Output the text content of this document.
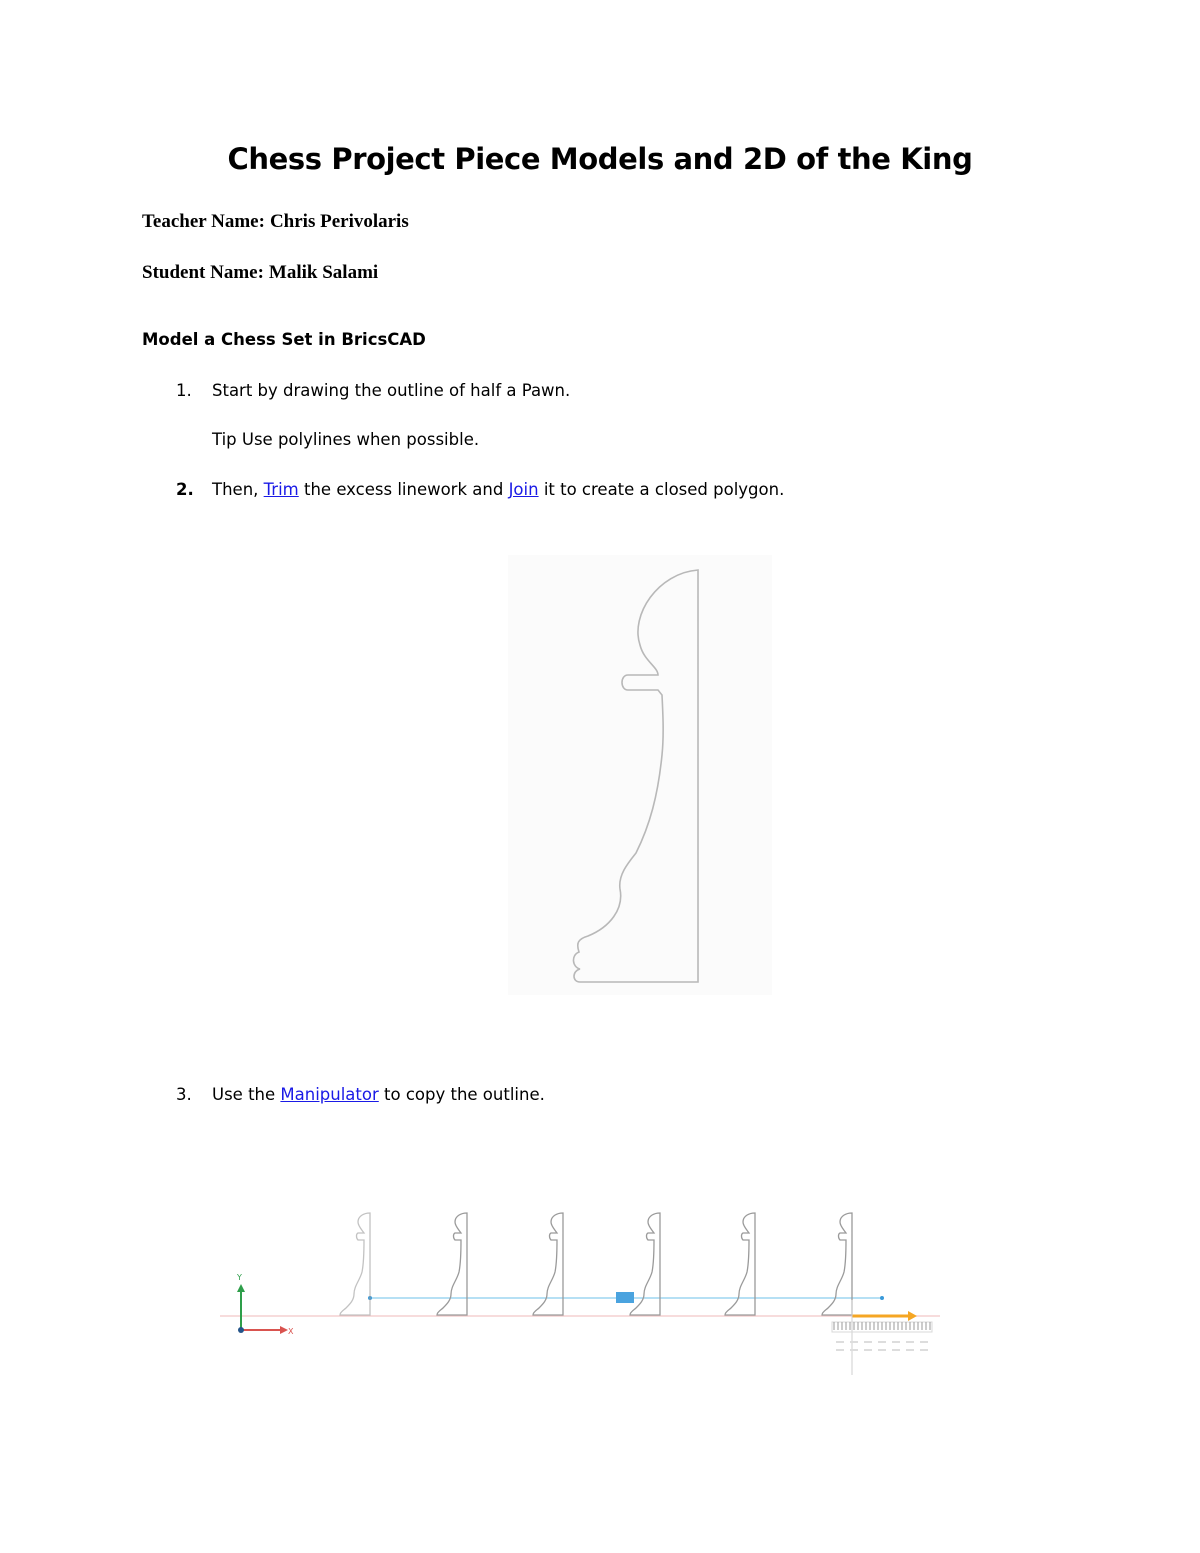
Chess Project Piece Models and 2D of the King
Teacher Name: Chris Perivolaris
Student Name: Malik Salami
Model a Chess Set in BricsCAD
1.	Start by drawing the outline of half a Pawn.
Tip Use polylines when possible.
2.	Then, Trim the excess linework and Join it to create a closed polygon.
3.	Use the Manipulator to copy the outline.
Y
X
